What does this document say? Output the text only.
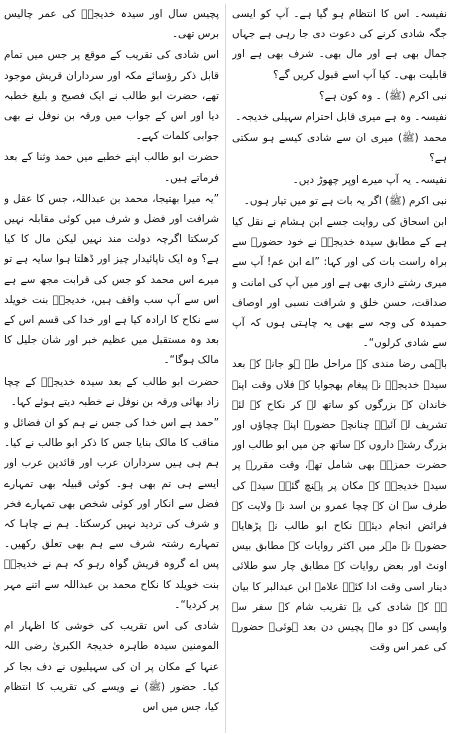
نفیسہ۔ اس کا انتظام ہو گیا ہے۔ آپ کو ایسی جگہ شادی کرنے کی دعوت دی جا رہی ہے جہاں جمال بھی ہے اور مال بھی۔ شرف بھی ہے اور قابلیت بھی۔ کیا آپ اسے قبول کریں گے؟

نبی اکرم (ﷺ) ۔ وہ کون ہے؟

نفیسہ۔ وہ ہے میری قابل احترام سہیلی خدیجہ۔

محمد (ﷺ) میری ان سے شادی کیسے ہو سکتی ہے؟

نفیسہ۔ یہ آپ میرے اوپر چھوڑ دیں۔

نبی اکرم (ﷺ) اگر یہ بات ہے تو میں تیار ہوں۔

ابن اسحاق کی روایت جسے ابن ہشام نے نقل کیا ہے کے مطابق سیدہ خدیجہؓ نے خود حضورؐ سے براہ راست بات کی اور کہا: ”اے ابن عم! آپ سے میری رشتے داری بھی ہے اور میں آپ کی امانت و صداقت، حسن خلق و شرافت نسبی اور اوصاف حمیدہ کی وجہ سے بھی یہ چاہتی ہوں کہ آپ سے شادی کرلوں“۔

باہمی رضا مندی کے مراحل طے ہو جانے کے بعد سیدہ خدیجہؓ نے پیغام بھجوایا کہ فلاں وقت اپنے خاندان کے بزرگوں کو ساتھ لے کر نکاح کے لئے تشریف لے آئیے۔ چنانچہ حضورؐ اپنے چچاؤں اور بزرگ رشتے داروں کے ساتھ جن میں ابو طالب اور حضرت حمزہؓ بھی شامل تھے، وقت مقررہ پر سیدہ خدیجہؓ کے مکان پر پہنچ گئے۔ سیدہ کی طرف سے ان کے چچا عمرو بن اسد نے ولایت کے فرائض انجام دیئے۔ نکاح ابو طالب نے پڑھایا۔ حضورؐ نے مہر میں اکثر روایات کے مطابق بیس اونٹ اور بعض روایات کے مطابق چار سو طلائی دینار اسی وقت ادا کئے۔ علامہ ابن عبدالبر کا بیان ہے کہ شادی کی یہ تقریب شام کے سفر سے واپسی کے دو ماہ پچیس دن بعد ہوئی۔ حضورؐ کی عمر اس وقت

پچیس سال اور سیدہ خدیجہؓ کی عمر چالیس برس تھی۔

اس شادی کی تقریب کے موقع پر جس میں تمام قابل ذکر رؤسائے مکہ اور سرداران قریش موجود تھے، حضرت ابو طالب نے ایک فصیح و بلیغ خطبہ دیا اور اس کے جواب میں ورقہ بن نوفل نے بھی جوابی کلمات کہے۔

حضرت ابو طالب اپنے خطبے میں حمد وثنا کے بعد فرماتے ہیں۔

”یہ میرا بھتیجا، محمد بن عبداللہ، جس کا عقل و شرافت اور فضل و شرف میں کوئی مقابلہ نہیں کرسکتا اگرچہ دولت مند نہیں لیکن مال کا کیا ہے؟ وہ ایک ناپائیدار چیز اور ڈھلتا ہوا سایہ ہے تو میرے اس محمد کو جس کی قرابت مجھ سے ہے اس سے آپ سب واقف ہیں، خدیجہؓ بنت خویلد سے نکاح کا ارادہ کیا ہے اور خدا کی قسم اس کے بعد وہ مستقبل میں عظیم خبر اور شان جلیل کا مالک ہوگا“۔

حضرت ابو طالب کے بعد سیدہ خدیجہؓ کے چچا زاد بھائی ورقہ بن نوفل نے خطبہ دیتے ہوئے کہا۔

”حمد ہے اس خدا کی جس نے ہم کو ان فضائل و مناقب کا مالک بنایا جس کا ذکر ابو طالب نے کیا۔ ہم ہی ہیں سرداران عرب اور قائدین عرب اور ایسے ہی تم بھی ہو۔ کوئی قبیلہ بھی تمہارے فضل سے انکار اور کوئی شخص بھی تمہارے فخر و شرف کی تردید نہیں کرسکتا۔ ہم نے چاہا کہ تمہارے رشتہ شرف سے ہم بھی تعلق رکھیں۔ پس اے گروہ قریش گواہ رہو کہ ہم نے خدیجہؓ بنت خویلد کا نکاح محمد بن عبداللہ سے اتنے مہر پر کردیا“۔

شادی کی اس تقریب کی خوشی کا اظہار ام المومنین سیدہ طاہرہ خدیجۃ الکبریٰ رضی اللہ عنہا کے مکان پر ان کی سہیلیوں نے دف بجا کر کیا۔ حضور (ﷺ) نے ویسے کی تقریب کا انتظام کیا، جس میں اس
